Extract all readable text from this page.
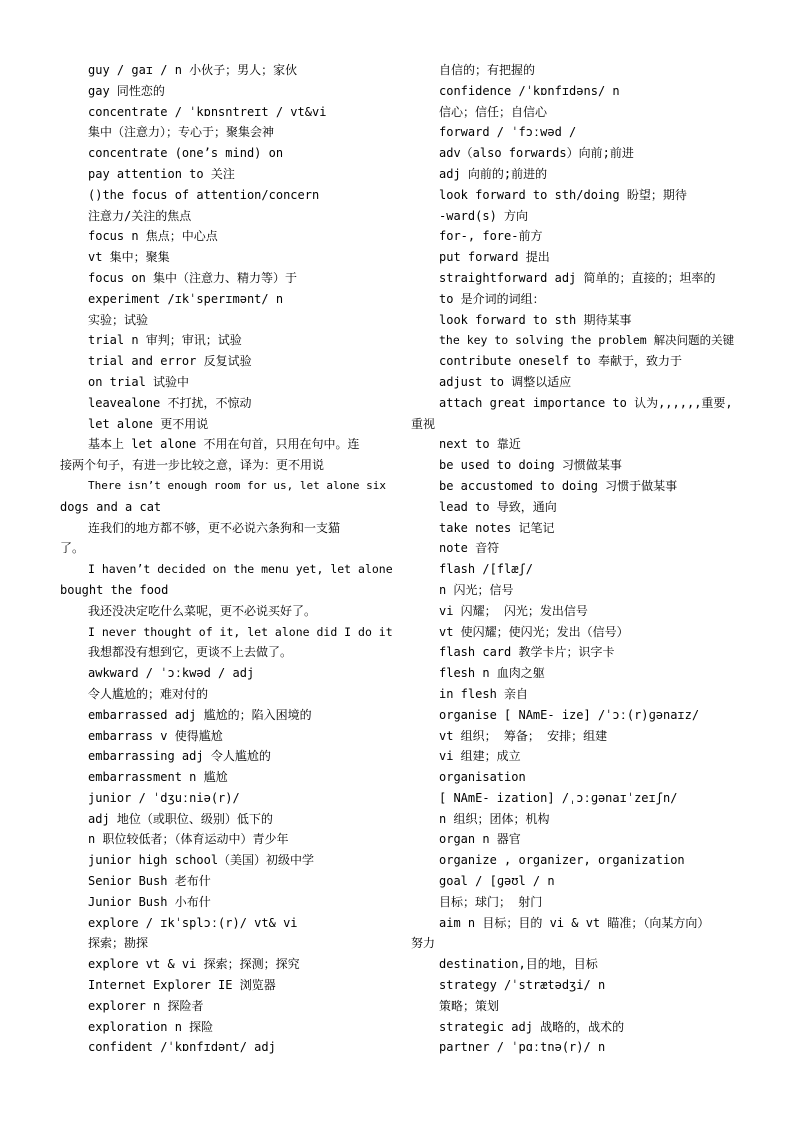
guy / gaɪ / n 小伙子；男人；家伙
gay 同性恋的
concentrate / ˈkɒnsntreɪt / vt&vi
集中（注意力）；专心于；聚集会神
concentrate (one’s mind) on
pay attention to 关注
()the focus of attention/concern
注意力/关注的焦点
focus n 焦点；中心点
vt 集中；聚集
focus on 集中（注意力、精力等）于
experiment /ɪkˈsperɪmənt/ n
实验；试验
trial n 审判；审讯；试验
trial and error 反复试验
on trial 试验中
leavealone 不打扰，不惊动
let alone 更不用说
基本上 let alone 不用在句首，只用在句中。连
接两个句子，有进一步比较之意，译为：更不用说
There isn’t enough room for us, let alone six
dogs and a cat
连我们的地方都不够，更不必说六条狗和一支猫
了。
I haven’t decided on the menu yet, let alone
bought the food
我还没决定吃什么菜呢，更不必说买好了。
I never thought of it, let alone did I do it
我想都没有想到它，更谈不上去做了。
awkward / ˈɔːkwəd / adj
令人尴尬的；难对付的
embarrassed adj 尴尬的；陷入困境的
embarrass v 使得尴尬
embarrassing adj 令人尴尬的
embarrassment n 尴尬
junior / ˈdʒuːniə(r)/
adj 地位（或职位、级别）低下的
n 职位较低者；（体育运动中）青少年
junior high school（美国）初级中学
Senior Bush 老布什
Junior Bush 小布什
explore / ɪkˈsplɔː(r)/ vt& vi
探索；勘探
explore vt & vi 探索；探测；探究
Internet Explorer IE 浏览器
explorer n 探险者
exploration n 探险
confident /ˈkɒnfɪdənt/ adj
自信的；有把握的
confidence /ˈkɒnfɪdəns/ n
信心；信任；自信心
forward / ˈfɔːwəd /
adv（also forwards）向前;前进
adj 向前的;前进的
look forward to sth/doing 盼望；期待
-ward(s) 方向
for-, fore-前方
put forward 提出
straightforward adj 简单的；直接的；坦率的
to 是介词的词组：
look forward to sth 期待某事
the key to solving the problem 解决问题的关键
contribute oneself to 奉献于，致力于
adjust to 调整以适应
attach great importance to 认为,,,,,,重要,
重视
next to 靠近
be used to doing 习惯做某事
be accustomed to doing 习惯于做某事
lead to 导致，通向
take notes 记笔记
note 音符
flash /[flæʃ/
n 闪光；信号
vi 闪耀； 闪光；发出信号
vt 使闪耀；使闪光；发出（信号）
flash card 教学卡片；识字卡
flesh n 血肉之躯
in flesh 亲自
organise [ NAmE- ize] /ˈɔː(r)ɡənaɪz/
vt 组织； 筹备； 安排；组建
vi 组建；成立
organisation
[ NAmE- ization] /ˌɔːɡənaɪˈzeɪʃn/
n 组织；团体；机构
organ n 器官
organize , organizer, organization
goal / [ɡəʊl / n
目标；球门； 射门
aim n 目标；目的 vi & vt 瞄准；（向某方向）
努力
destination,目的地，目标
strategy /ˈstrætədʒi/ n
策略；策划
strategic adj 战略的，战术的
partner / ˈpɑːtnə(r)/ n
